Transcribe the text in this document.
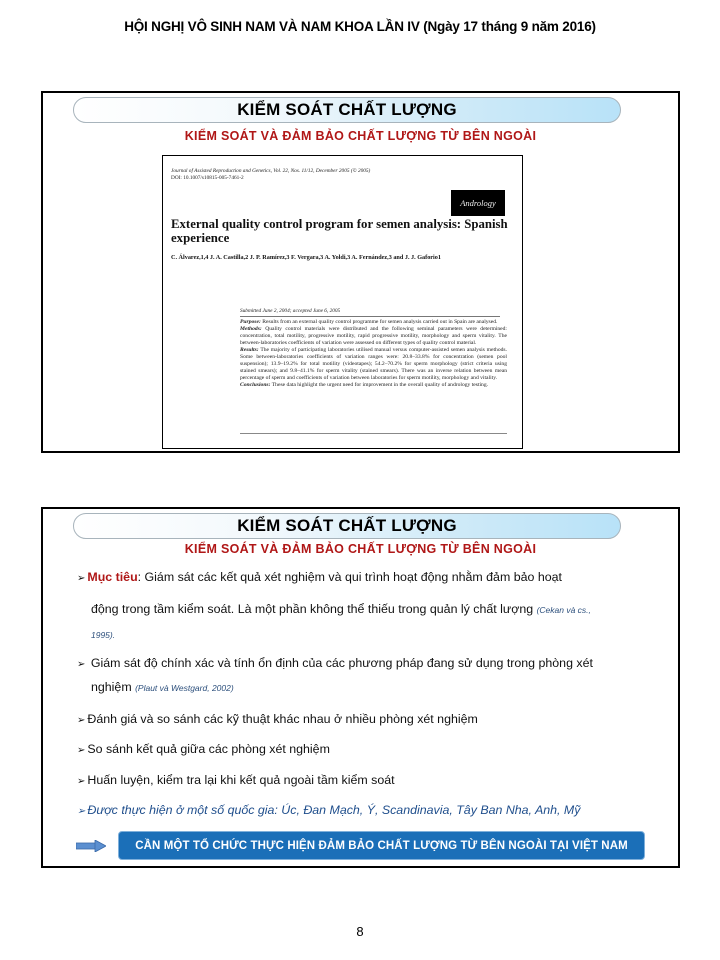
HỘI NGHỊ VÔ SINH NAM VÀ NAM KHOA LẦN IV (Ngày 17 tháng 9 năm 2016)
KIỂM SOÁT CHẤT LƯỢNG
KIỂM SOÁT VÀ ĐẢM BẢO CHẤT LƯỢNG TỪ BÊN NGOÀI
Journal of Assisted Reproduction and Genetics, Vol. 22, Nos. 11/12, December 2005 (© 2005)
DOI: 10.1007/s10815-005-7461-2
Andrology
External quality control program for semen analysis: Spanish experience
C. Álvarez,1,4 J. A. Castilla,2 J. P. Ramírez,3 F. Vergara,3 A. Yoldi,3 A. Fernández,3 and J. J. Gaforio1
Submitted June 2, 2004; accepted June 6, 2005
Purpose: Results from an external quality control programme for semen analysis carried out in Spain are analysed.
Methods: Quality control materials were distributed and the following seminal parameters were determined: concentration, total motility, progressive motility, rapid progressive motility, morphology and sperm vitality. The between-laboratories coefficients of variation were assessed on different types of quality control material.
Results: The majority of participating laboratories utilised manual versus computer-assisted semen analysis methods. Some between-laboratories coefficients of variation ranges were: 20.8–33.8% for concentration (semen pool suspension); 13.9–19.2% for total motility (videotapes); 54.2–70.2% for sperm morphology (strict criteria using stained smears); and 9.8–41.1% for sperm vitality (stained smears). There was an inverse relation between mean percentage of sperm and coefficients of variation between laboratories for sperm motility, morphology and vitality.
Conclusions: These data highlight the urgent need for improvement in the overall quality of andrology testing.
KIỂM SOÁT CHẤT LƯỢNG
KIỂM SOÁT VÀ ĐẢM BẢO CHẤT LƯỢNG TỪ BÊN NGOÀI
➢ Mục tiêu: Giám sát các kết quả xét nghiệm và qui trình hoạt động nhằm đảm bảo hoạt
động trong tầm kiểm soát. Là một phần không thể thiếu trong quản lý chất lượng (Cekan và cs.,
1995).
➢ Giám sát độ chính xác và tính ổn định của các phương pháp đang sử dụng trong phòng xét
nghiệm (Plaut và Westgard, 2002)
➢ Đánh giá và so sánh các kỹ thuật khác nhau ở nhiều phòng xét nghiệm
➢ So sánh kết quả giữa các phòng xét nghiệm
➢ Huấn luyện, kiểm tra lại khi kết quả ngoài tầm kiểm soát
➢ Được thực hiện ở một số quốc gia: Úc, Đan Mạch, Ý, Scandinavia, Tây Ban Nha, Anh, Mỹ
CẦN MỘT TỔ CHỨC THỰC HIỆN ĐẢM BẢO CHẤT LƯỢNG TỪ BÊN NGOÀI TẠI VIỆT NAM
8
